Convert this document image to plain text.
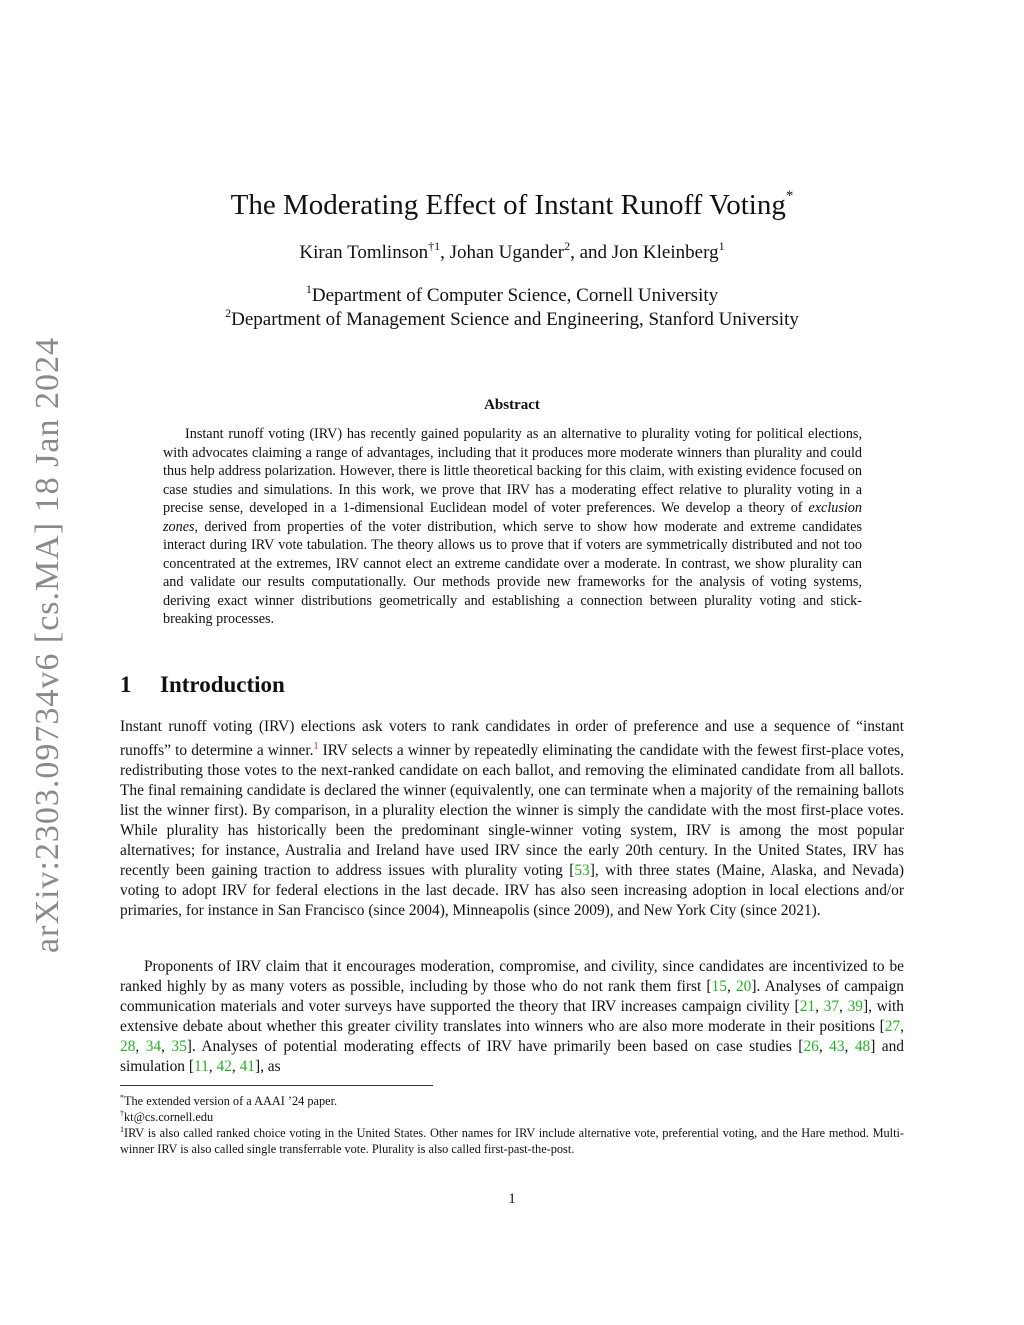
arXiv:2303.09734v6 [cs.MA] 18 Jan 2024
The Moderating Effect of Instant Runoff Voting*
Kiran Tomlinson$^{\dagger 1}$, Johan Ugander$^2$, and Jon Kleinberg$^1$
$^1$Department of Computer Science, Cornell University
$^2$Department of Management Science and Engineering, Stanford University
Abstract

Instant runoff voting (IRV) has recently gained popularity as an alternative to plurality voting for political elections, with advocates claiming a range of advantages, including that it produces more moderate winners than plurality and could thus help address polarization. However, there is little theoretical backing for this claim, with existing evidence focused on case studies and simulations. In this work, we prove that IRV has a moderating effect relative to plurality voting in a precise sense, developed in a 1-dimensional Euclidean model of voter preferences. We develop a theory of exclusion zones, derived from properties of the voter distribution, which serve to show how moderate and extreme candidates interact during IRV vote tabulation. The theory allows us to prove that if voters are symmetrically distributed and not too concentrated at the extremes, IRV cannot elect an extreme candidate over a moderate. In contrast, we show plurality can and validate our results computationally. Our methods provide new frameworks for the analysis of voting systems, deriving exact winner distributions geometrically and establishing a connection between plurality voting and stick-breaking processes.

1 Introduction

Instant runoff voting (IRV) elections ask voters to rank candidates in order of preference and use a sequence of “instant runoffs” to determine a winner.$^1$ IRV selects a winner by repeatedly eliminating the candidate with the fewest first-place votes, redistributing those votes to the next-ranked candidate on each ballot, and removing the eliminated candidate from all ballots. The final remaining candidate is declared the winner (equivalently, one can terminate when a majority of the remaining ballots list the winner first). By comparison, in a plurality election the winner is simply the candidate with the most first-place votes. While plurality has historically been the predominant single-winner voting system, IRV is among the most popular alternatives; for instance, Australia and Ireland have used IRV since the early 20th century. In the United States, IRV has recently been gaining traction to address issues with plurality voting [53], with three states (Maine, Alaska, and Nevada) voting to adopt IRV for federal elections in the last decade. IRV has also seen increasing adoption in local elections and/or primaries, for instance in San Francisco (since 2004), Minneapolis (since 2009), and New York City (since 2021).

Proponents of IRV claim that it encourages moderation, compromise, and civility, since candidates are incentivized to be ranked highly by as many voters as possible, including by those who do not rank them first [15, 20]. Analyses of campaign communication materials and voter surveys have supported the theory that IRV increases campaign civility [21, 37, 39], with extensive debate about whether this greater civility translates into winners who are also more moderate in their positions [27, 28, 34, 35]. Analyses of potential moderating effects of IRV have primarily been based on case studies [26, 43, 48] and simulation [11, 42, 41], as

*The extended version of a AAAI ’24 paper.

†kt@cs.cornell.edu

$^1$IRV is also called ranked choice voting in the United States. Other names for IRV include alternative vote, preferential voting, and the Hare method. Multi-winner IRV is also called single transferrable vote. Plurality is also called first-past-the-post.

1
